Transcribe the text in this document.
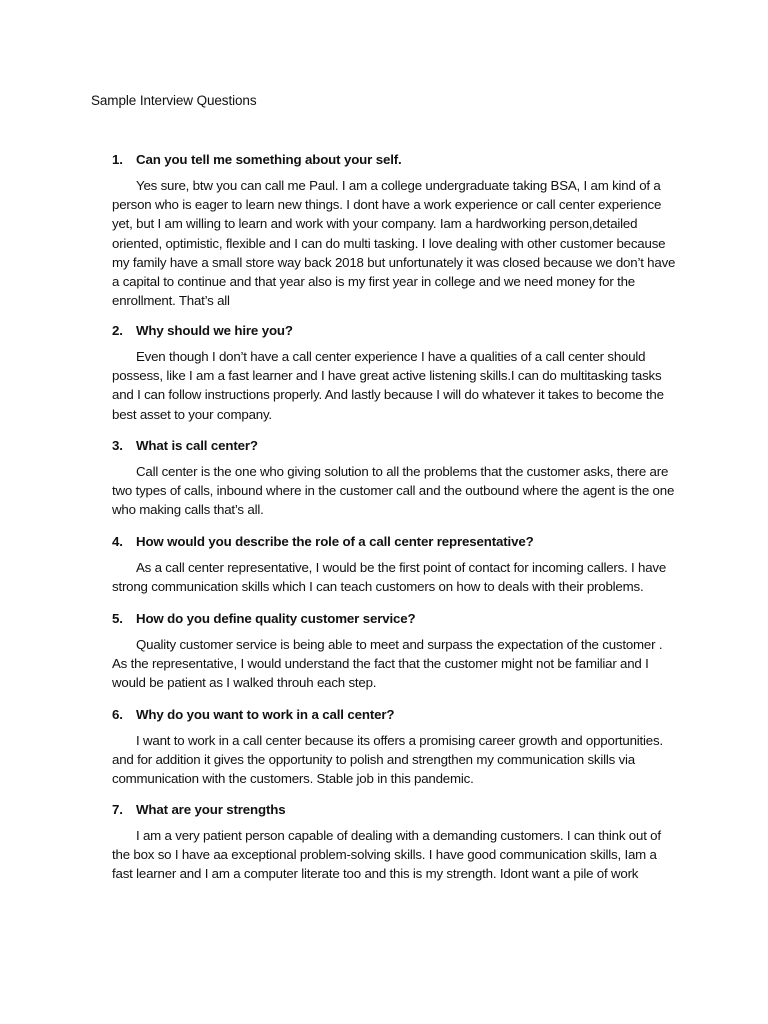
Sample Interview Questions
1. Can you tell me something about your self.

Yes sure, btw you can call me Paul. I am a college undergraduate taking BSA, I am kind of a person who is eager to learn new things. I dont have a work experience or call center experience yet, but I am willing to learn and work with your company. Iam a hardworking person,detailed oriented, optimistic, flexible and I can do multi tasking. I love dealing with other customer because my family have a small store way back 2018 but unfortunately it was closed because we don’t have a capital to continue and that year also is my first year in college and we need money for the enrollment. That’s all

2. Why should we hire you?

Even though I don’t have a call center experience I have a qualities of a call center should possess, like I am a fast learner and I have great active listening skills.I can do multitasking tasks and I can follow instructions properly. And lastly because I will do whatever it takes to become the best asset to your company.

3. What is call center?

Call center is the one who giving solution to all the problems that the customer asks, there are two types of calls, inbound where in the customer call and the outbound where the agent is the one who making calls that’s all.

4. How would you describe the role of a call center representative?

As a call center representative, I would be the first point of contact for incoming callers. I have strong communication skills which I can teach customers on how to deals with their problems.

5. How do you define quality customer service?

Quality customer service is being able to meet and surpass the expectation of the customer . As the representative, I would understand the fact that the customer might not be familiar and I would be patient as I walked throuh each step.

6. Why do you want to work in a call center?

I want to work in a call center because its offers a promising career growth and opportunities. and for addition it gives the opportunity to polish and strengthen my communication skills via communication with the customers. Stable job in this pandemic.

7. What are your strengths

I am a very patient person capable of dealing with a demanding customers. I can think out of the box so I have aa exceptional problem-solving skills. I have good communication skills, Iam a fast learner and I am a computer literate too and this is my strength. Idont want a pile of work
